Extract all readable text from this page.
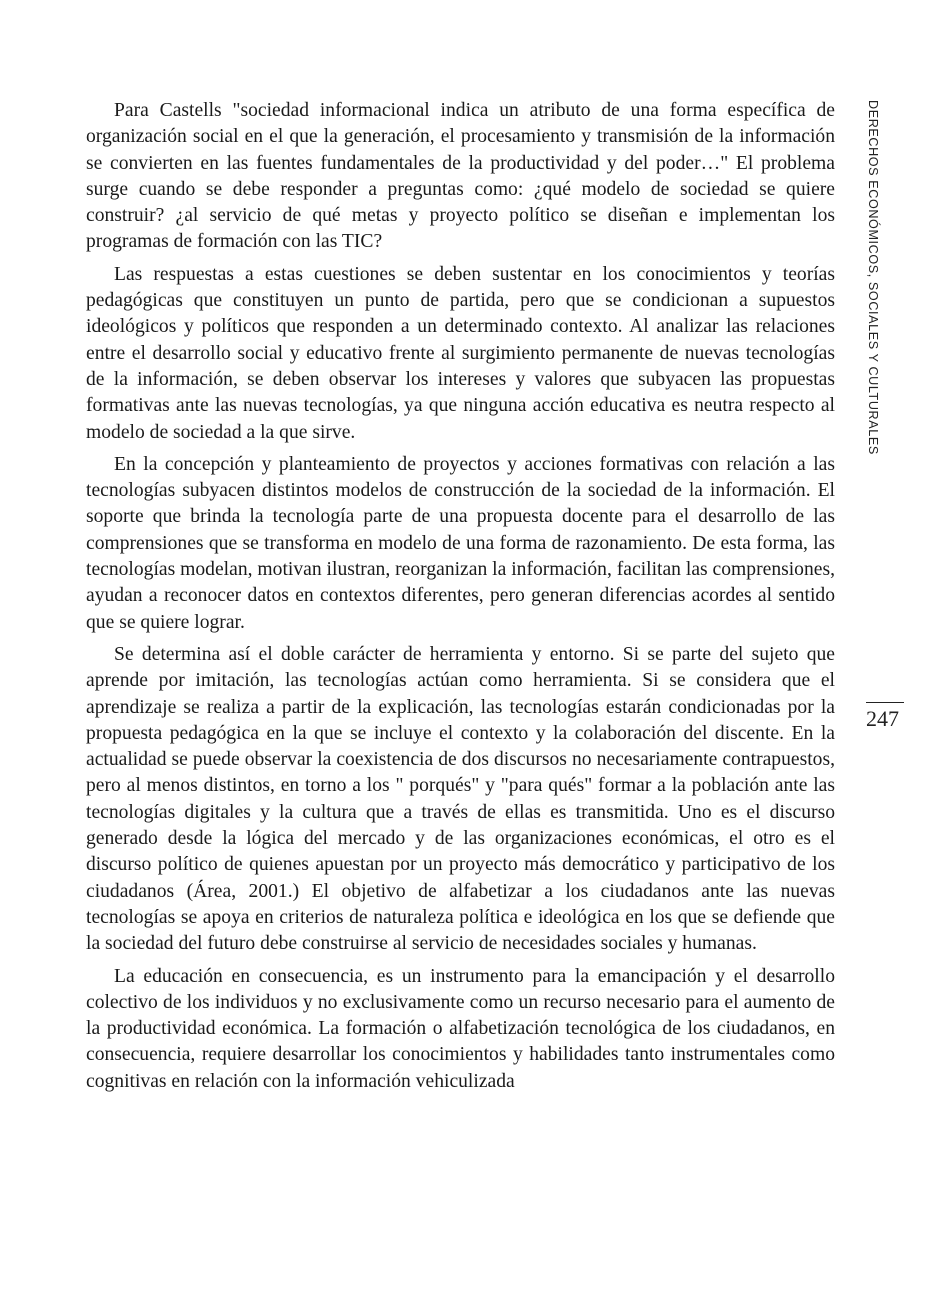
Para Castells "sociedad informacional indica un atributo de una forma específica de organización social en el que la generación, el procesamiento y transmisión de la información se convierten en las fuentes fundamentales de la productividad y del poder…" El problema surge cuando se debe responder a preguntas como: ¿qué modelo de sociedad se quiere construir? ¿al servicio de qué metas y proyecto político se diseñan e implementan los programas de formación con las TIC?

Las respuestas a estas cuestiones se deben sustentar en los conocimientos y teorías pedagógicas que constituyen un punto de partida, pero que se condicionan a supuestos ideológicos y políticos que responden a un determinado contexto. Al analizar las relaciones entre el desarrollo social y educativo frente al surgimiento permanente de nuevas tecnologías de la información, se deben observar los intereses y valores que subyacen las propuestas formativas ante las nuevas tecnologías, ya que ninguna acción educativa es neutra respecto al modelo de sociedad a la que sirve.

En la concepción y planteamiento de proyectos y acciones formativas con relación a las tecnologías subyacen distintos modelos de construcción de la sociedad de la información. El soporte que brinda la tecnología parte de una propuesta docente para el desarrollo de las comprensiones que se transforma en modelo de una forma de razonamiento. De esta forma, las tecnologías modelan, motivan ilustran, reorganizan la información, facilitan las comprensiones, ayudan a reconocer datos en contextos diferentes, pero generan diferencias acordes al sentido que se quiere lograr.

Se determina así el doble carácter de herramienta y entorno. Si se parte del sujeto que aprende por imitación, las tecnologías actúan como herramienta. Si se considera que el aprendizaje se realiza a partir de la explicación, las tecnologías estarán condicionadas por la propuesta pedagógica en la que se incluye el contexto y la colaboración del discente. En la actualidad se puede observar la coexistencia de dos discursos no necesariamente contrapuestos, pero al menos distintos, en torno a los " porqués" y "para qués" formar a la población ante las tecnologías digitales y la cultura que a través de ellas es transmitida. Uno es el discurso generado desde la lógica del mercado y de las organizaciones económicas, el otro es el discurso político de quienes apuestan por un proyecto más democrático y participativo de los ciudadanos (Área, 2001.) El objetivo de alfabetizar a los ciudadanos ante las nuevas tecnologías se apoya en criterios de naturaleza política e ideológica en los que se defiende que la sociedad del futuro debe construirse al servicio de necesidades sociales y humanas.

La educación en consecuencia, es un instrumento para la emancipación y el desarrollo colectivo de los individuos y no exclusivamente como un recurso necesario para el aumento de la productividad económica. La formación o alfabetización tecnológica de los ciudadanos, en consecuencia, requiere desarrollar los conocimientos y habilidades tanto instrumentales como cognitivas en relación con la información vehiculizada

DERECHOS ECONÓMICOS, SOCIALES Y CULTURALES
247
